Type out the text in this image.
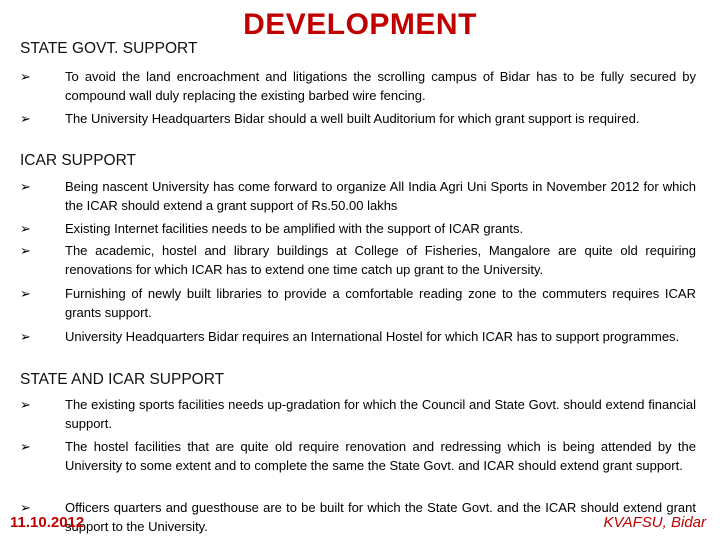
DEVELOPMENT
STATE GOVT. SUPPORT
➢	To avoid the land encroachment and litigations the scrolling campus of Bidar has to be fully secured by compound wall duly replacing the existing barbed wire fencing.
➢	The University Headquarters Bidar should a well built Auditorium for which grant support is required.
ICAR SUPPORT
➢	Being nascent University has come forward to organize All India Agri Uni Sports in November 2012 for which the ICAR should extend a grant support of Rs.50.00 lakhs
➢	Existing Internet facilities needs to be amplified with the support of ICAR grants.
➢	The academic, hostel and library buildings at College of Fisheries, Mangalore are quite old requiring renovations for which ICAR has to extend one time catch up grant to the University.
➢	Furnishing of newly built libraries to provide a comfortable reading zone to the commuters requires ICAR grants support.
➢	University Headquarters Bidar requires an International Hostel for which ICAR has to support programmes.
STATE AND ICAR SUPPORT
➢	The existing sports facilities needs up-gradation for which the Council and State Govt. should extend financial support.
➢	The hostel facilities that are quite old require renovation and redressing which is being attended by the University to some extent and to complete the same the State Govt. and ICAR should extend grant support.
➢	Officers quarters and guesthouse are to be built for which the State Govt. and the ICAR should extend grant support to the University.
11.10.2012	KVAFSU, Bidar
